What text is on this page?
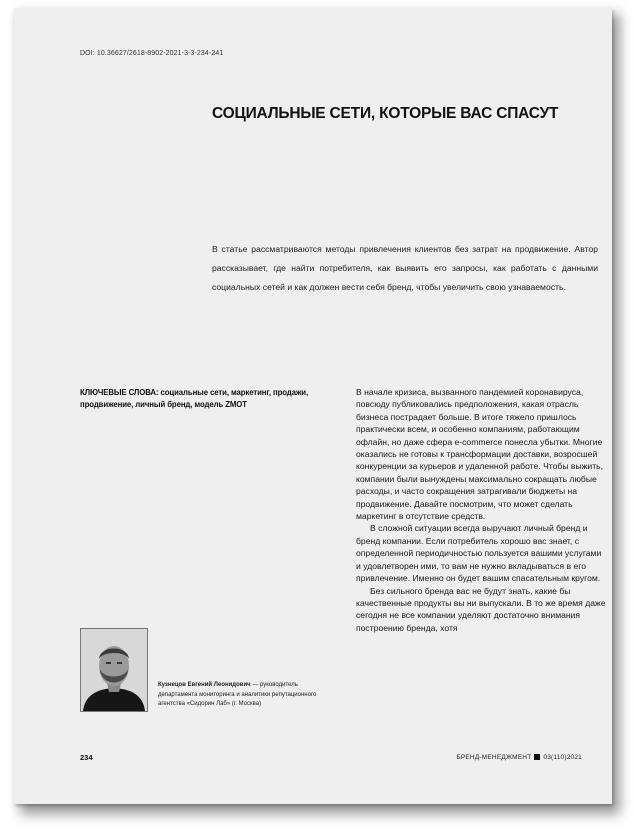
DOI: 10.36627/2618-8902-2021-3-3-234-241
СОЦИАЛЬНЫЕ СЕТИ, КОТОРЫЕ ВАС СПАСУТ
В статье рассматриваются методы привлечения клиентов без затрат на продвижение. Автор рассказывает, где найти потребителя, как выявить его запросы, как работать с данными социальных сетей и как должен вести себя бренд, чтобы увеличить свою узнаваемость.
КЛЮЧЕВЫЕ СЛОВА: социальные сети, маркетинг, продажи, продвижение, личный бренд, модель ZMOT
Кузнецов Евгений Леонидович — руководитель департамента мониторинга и аналитики репутационного агентства «Сидорин Лаб» (г. Москва)

В начале кризиса, вызванного пандемией коронавируса, повсюду публиковались предположения, какая отрасль бизнеса пострадает больше. В итоге тяжело пришлось практически всем, и особенно компаниям, работающим офлайн, но даже сфера e-commerce понесла убытки. Многие оказались не готовы к трансформации доставки, возросшей конкуренции за курьеров и удаленной работе. Чтобы выжить, компании были вынуждены максимально сокращать любые расходы, и часто сокращения затрагивали бюджеты на продвижение. Давайте посмотрим, что может сделать маркетинг в отсутствие средств.

В сложной ситуации всегда выручают личный бренд и бренд компании. Если потребитель хорошо вас знает, с определенной периодичностью пользуется вашими услугами и удовлетворен ими, то вам не нужно вкладываться в его привлечение. Именно он будет вашим спасательным кругом.

Без сильного бренда вас не будут знать, какие бы качественные продукты вы ни выпускали. В то же время даже сегодня не все компании уделяют достаточно внимания построению бренда, хотя

234	БРЕНД-МЕНЕДЖМЕНТ 03(110)2021
